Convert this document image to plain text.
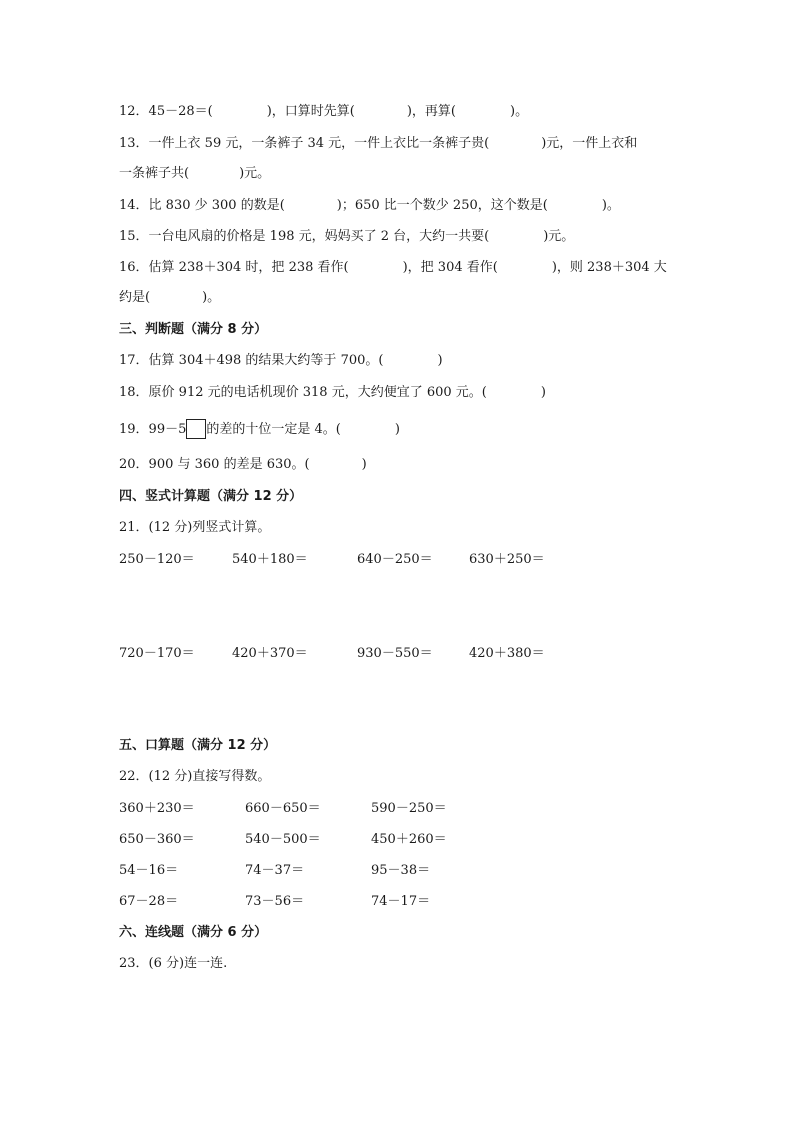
12．45－28＝(	)，口算时先算(	)，再算(	)。
13．一件上衣 59 元，一条裤子 34 元，一件上衣比一条裤子贵(	)元，一件上衣和
一条裤子共(	)元。
14．比 830 少 300 的数是(	)；650 比一个数少 250，这个数是(	)。
15．一台电风扇的价格是 198 元，妈妈买了 2 台，大约一共要(	)元。
16．估算 238＋304 时，把 238 看作(	)，把 304 看作(	)，则 238＋304 大
约是(	)。
三、判断题（满分 8 分）
17．估算 304＋498 的结果大约等于 700。(	)
18．原价 912 元的电话机现价 318 元，大约便宜了 600 元。(	)
19．99－5 的差的十位一定是 4。(	)
20．900 与 360 的差是 630。(	)
四、竖式计算题（满分 12 分）
21．(12 分)列竖式计算。
250－120＝	540＋180＝	640－250＝	630＋250＝
720－170＝	420＋370＝	930－550＝	420＋380＝
五、口算题（满分 12 分）
22．(12 分)直接写得数。
360＋230＝	660－650＝	590－250＝
650－360＝	540－500＝	450＋260＝
54－16＝	74－37＝	95－38＝
67－28＝	73－56＝	74－17＝
六、连线题（满分 6 分）
23．(6 分)连一连.
